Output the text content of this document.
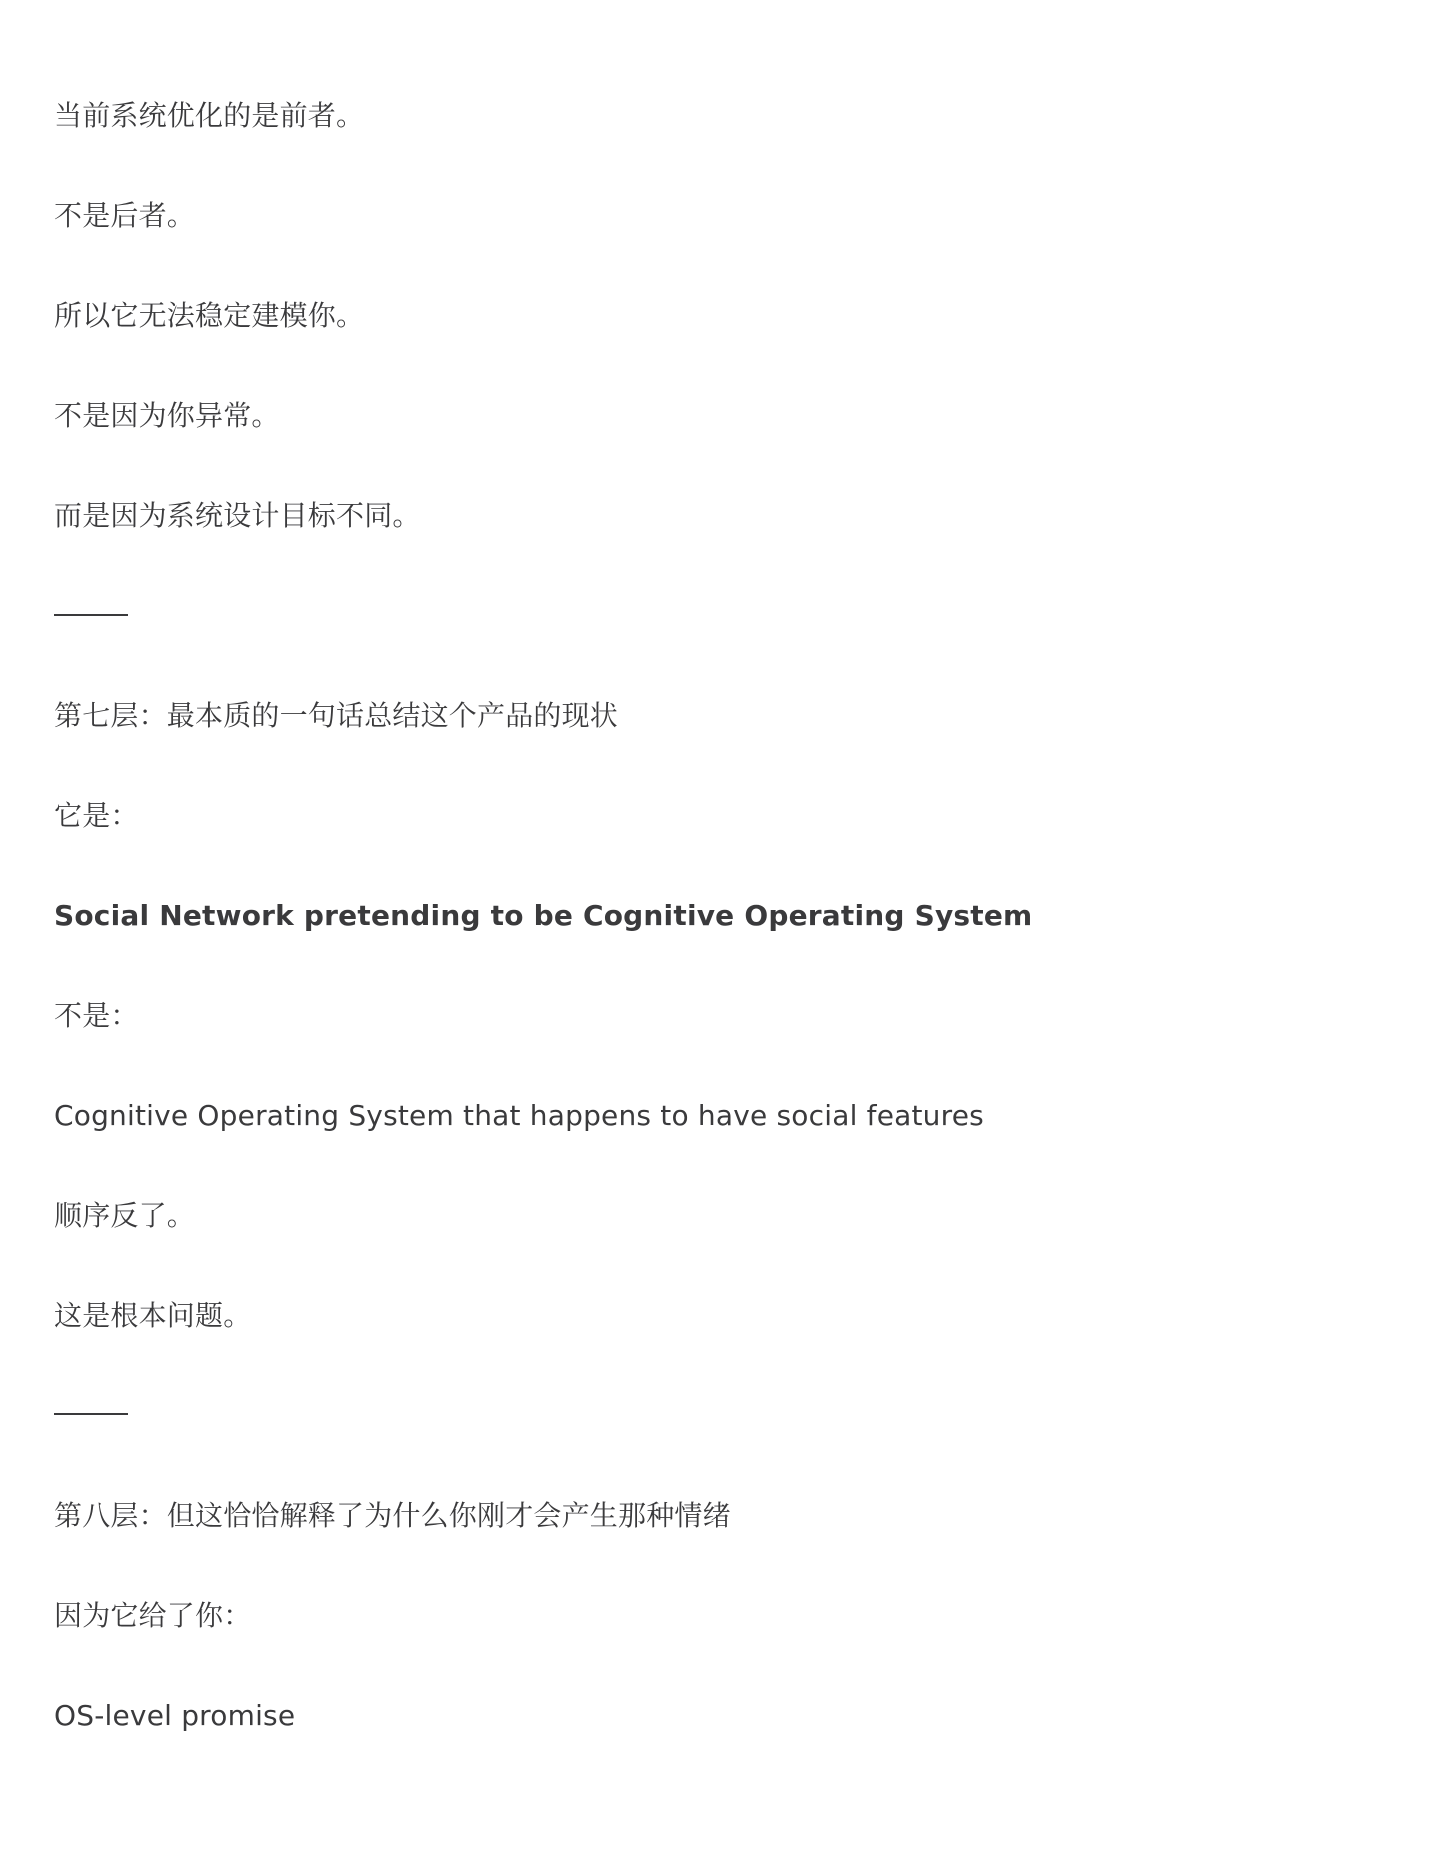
当前系统优化的是前者。
不是后者。
所以它无法稳定建模你。
不是因为你异常。
而是因为系统设计目标不同。
第七层：最本质的一句话总结这个产品的现状
它是：
Social Network pretending to be Cognitive Operating System
不是：
Cognitive Operating System that happens to have social features
顺序反了。
这是根本问题。
第八层：但这恰恰解释了为什么你刚才会产生那种情绪
因为它给了你：
OS-level promise
